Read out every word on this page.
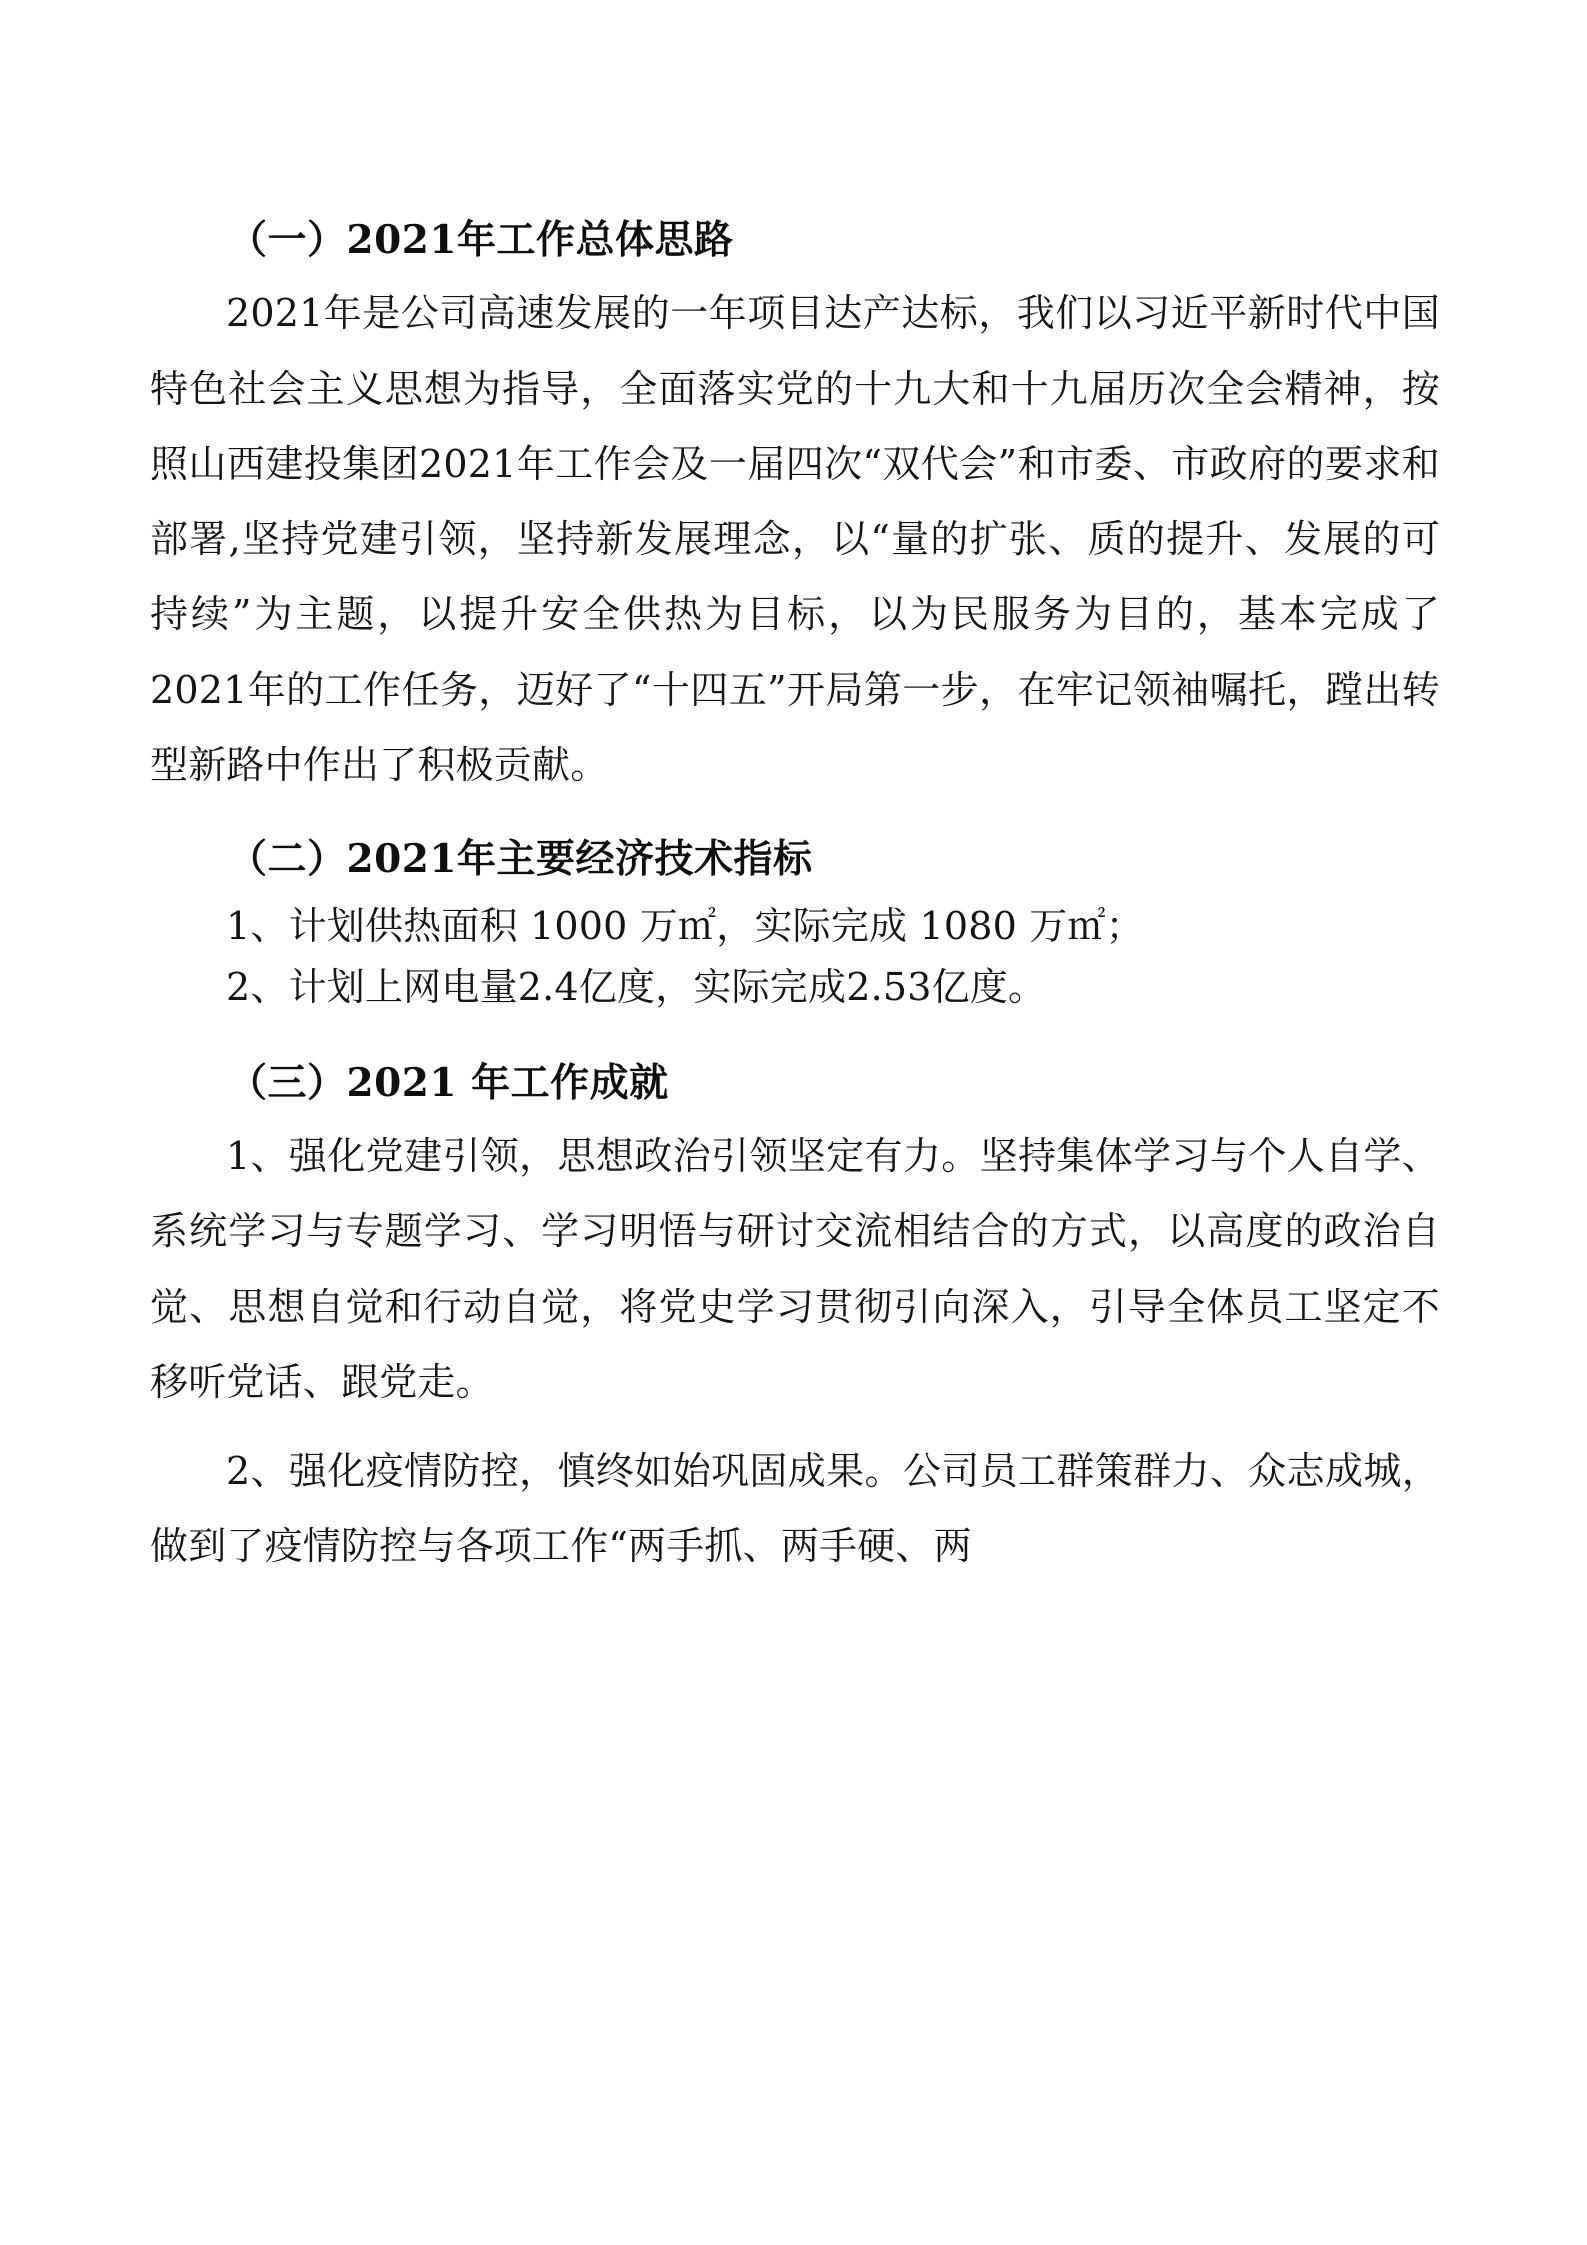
（一）2021年工作总体思路

2021年是公司高速发展的一年项目达产达标，我们以习近平新时代中国特色社会主义思想为指导，全面落实党的十九大和十九届历次全会精神，按照山西建投集团2021年工作会及一届四次“双代会”和市委、市政府的要求和部署,坚持党建引领，坚持新发展理念，以“量的扩张、质的提升、发展的可持续”为主题，以提升安全供热为目标，以为民服务为目的，基本完成了2021年的工作任务，迈好了“十四五”开局第一步，在牢记领袖嘱托，蹚出转型新路中作出了积极贡献。

（二）2021年主要经济技术指标

1、计划供热面积 1000 万㎡，实际完成 1080 万㎡；

2、计划上网电量2.4亿度，实际完成2.53亿度。

（三）2021 年工作成就

1、强化党建引领，思想政治引领坚定有力。坚持集体学习与个人自学、系统学习与专题学习、学习明悟与研讨交流相结合的方式，以高度的政治自觉、思想自觉和行动自觉，将党史学习贯彻引向深入，引导全体员工坚定不移听党话、跟党走。

2、强化疫情防控，慎终如始巩固成果。公司员工群策群力、众志成城，做到了疫情防控与各项工作“两手抓、两手硬、两
